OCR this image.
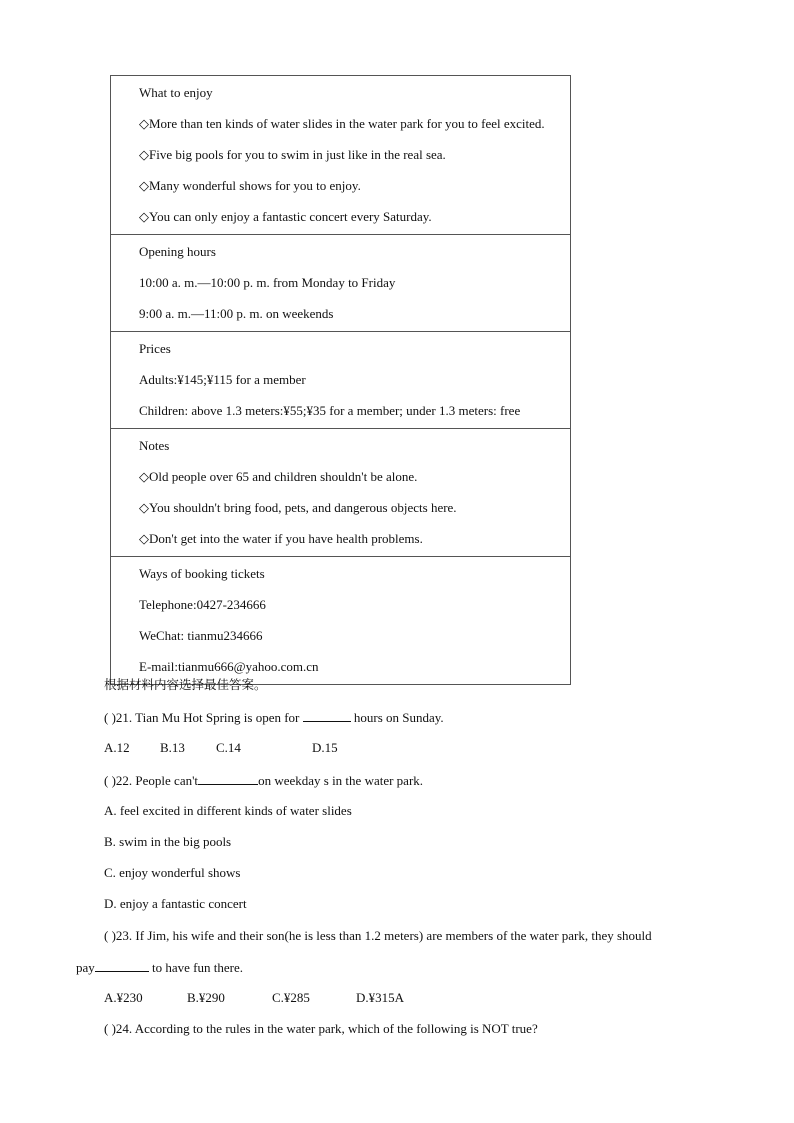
What to enjoy
◇More than ten kinds of water slides in the water park for you to feel excited.
◇Five big pools for you to swim in just like in the real sea.
◇Many wonderful shows for you to enjoy.
◇You can only enjoy a fantastic concert every Saturday.
Opening hours
10:00 a. m.—10:00 p. m. from Monday to Friday
9:00 a. m.—11:00 p. m. on weekends
Prices
Adults:¥145;¥115 for a member
Children: above 1.3 meters:¥55;¥35 for a member; under 1.3 meters: free
Notes
◇Old people over 65 and children shouldn't be alone.
◇You shouldn't bring food, pets, and dangerous objects here.
◇Don't get into the water if you have health problems.
Ways of booking tickets
Telephone:0427-234666
WeChat: tianmu234666
E-mail:tianmu666@yahoo.com.cn
根据材料内容选择最佳答案。
( )21. Tian Mu Hot Spring is open for	hours on Sunday.
A.12 B.13 C.14	D.15
( )22. People can't	on weekday s in the water park.
A. feel excited in different kinds of water slides
B. swim in the big pools
C. enjoy wonderful shows
D. enjoy a fantastic concert
( )23. If Jim, his wife and their son(he is less than 1.2 meters) are members of the water park, they should
pay	to have fun there.
A.¥230	B.¥290	C.¥285	D.¥315A
( )24. According to the rules in the water park, which of the following is NOT true?
